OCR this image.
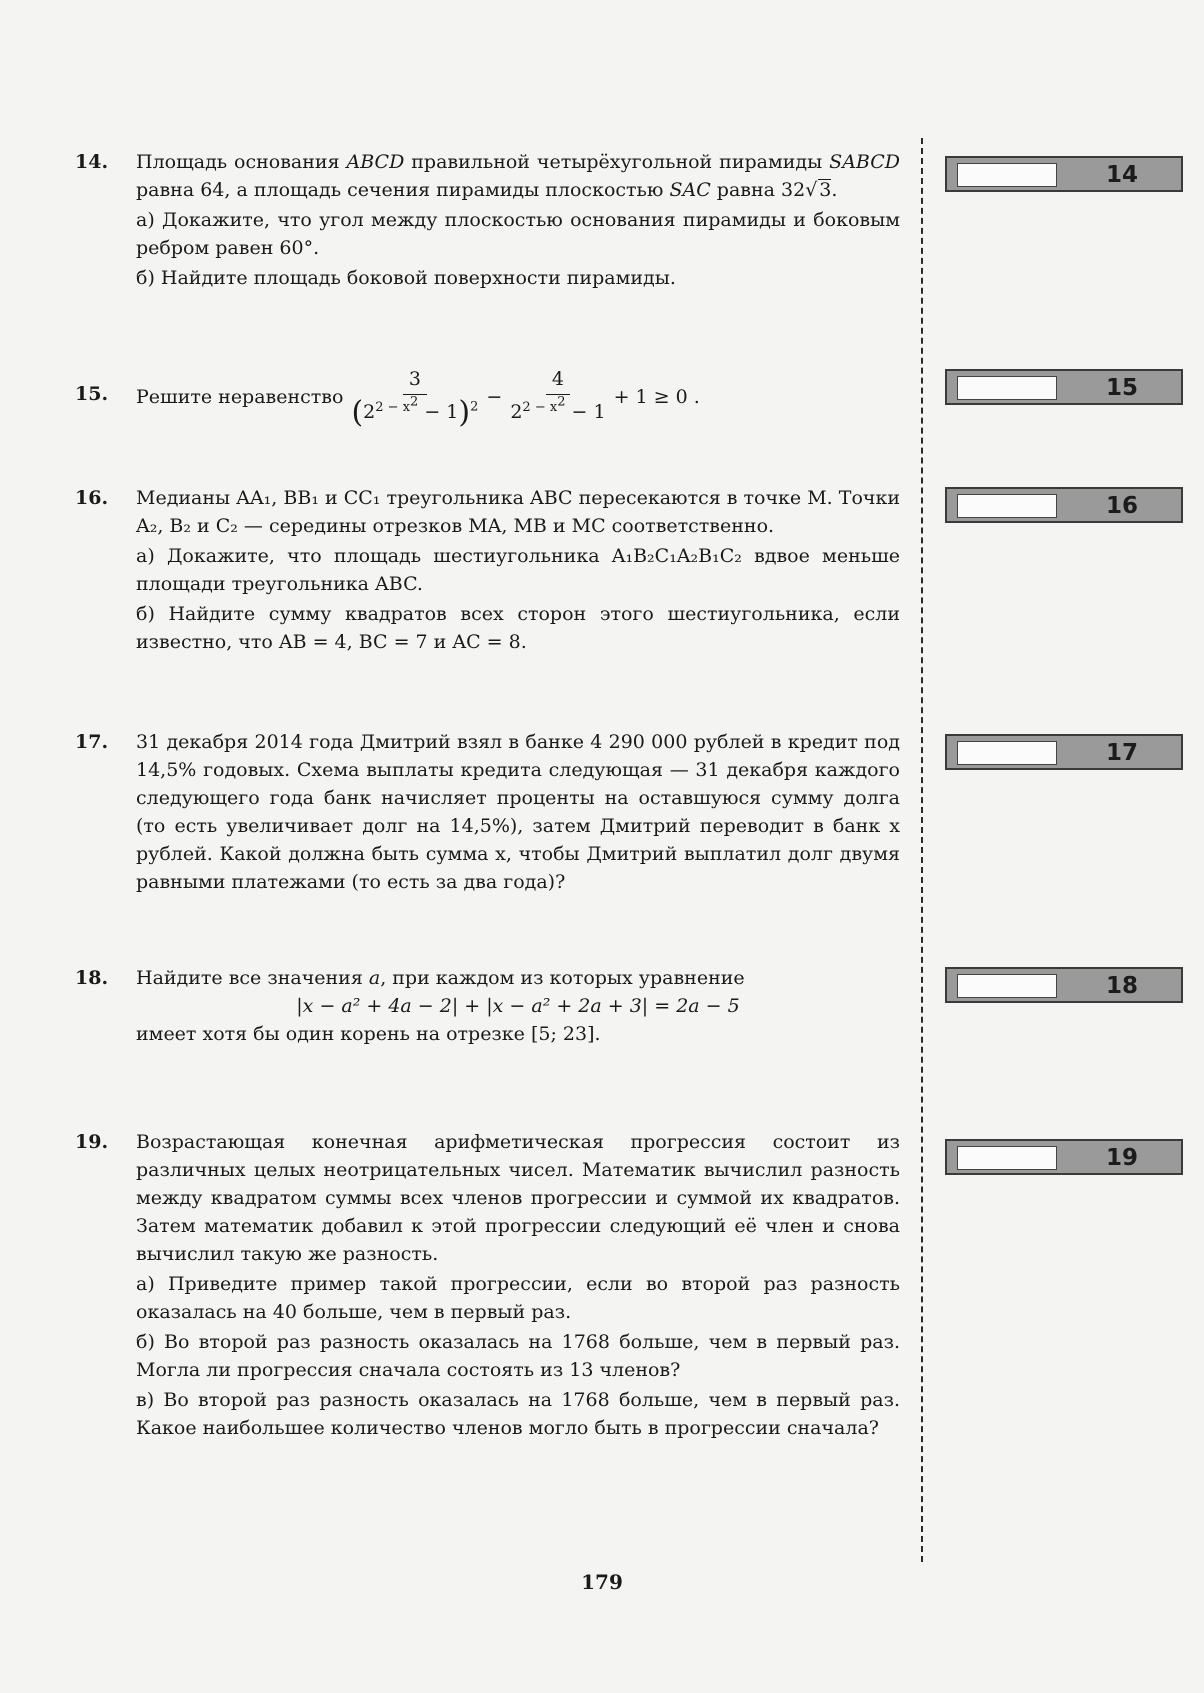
14. Площадь основания ABCD правильной четырёхугольной пирамиды SABCD равна 64, а площадь сечения пирамиды плоскостью SAC равна 32√ 3.

а) Докажите, что угол между плоскостью основания пирамиды и боковым ребром равен 60°.

б) Найдите площадь боковой поверхности пирамиды.

15. Решите неравенство $\frac{3}{(2^{2 - x^2} - 1)^2} - \frac{4}{2^{2 - x^2} - 1} + 1 \ge 0$ .
16. Медианы AA₁, BB₁ и CC₁ треугольника ABC пересекаются в точке M. Точки A₂, B₂ и C₂ — середины отрезков MA, MB и MC соответственно.

а) Докажите, что площадь шестиугольника A₁B₂C₁A₂B₁C₂ вдвое меньше площади треугольника ABC.

б) Найдите сумму квадратов всех сторон этого шестиугольника, если известно, что AB = 4, BC = 7 и AC = 8.

17. 31 декабря 2014 года Дмитрий взял в банке 4 290 000 рублей в кредит под 14,5% годовых. Схема выплаты кредита следующая — 31 декабря каждого следующего года банк начисляет проценты на оставшуюся сумму долга (то есть увеличивает долг на 14,5%), затем Дмитрий переводит в банк x рублей. Какой должна быть сумма x, чтобы Дмитрий выплатил долг двумя равными платежами (то есть за два года)?

18. Найдите все значения a, при каждом из которых уравнение

|x − a² + 4a − 2| + |x − a² + 2a + 3| = 2a − 5

имеет хотя бы один корень на отрезке [5; 23].

19. Возрастающая конечная арифметическая прогрессия состоит из различных целых неотрицательных чисел. Математик вычислил разность между квадратом суммы всех членов прогрессии и суммой их квадратов. Затем математик добавил к этой прогрессии следующий её член и снова вычислил такую же разность.

а) Приведите пример такой прогрессии, если во второй раз разность оказалась на 40 больше, чем в первый раз.

б) Во второй раз разность оказалась на 1768 больше, чем в первый раз. Могла ли прогрессия сначала состоять из 13 членов?

в) Во второй раз разность оказалась на 1768 больше, чем в первый раз. Какое наибольшее количество членов могло быть в прогрессии сначала?

14
15
16
17
18
19
179
